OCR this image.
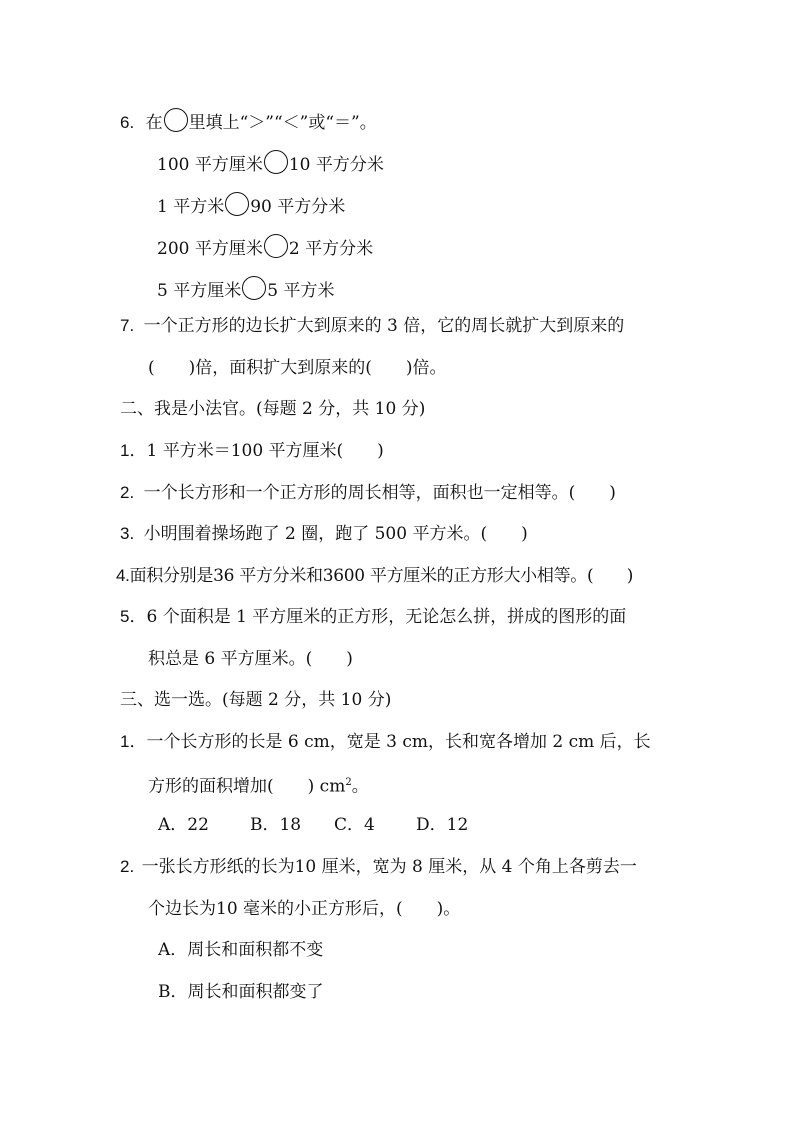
6. 在 里填上“＞”“＜”或“＝”。
100 平方厘米 10 平方分米
1 平方米 90 平方分米
200 平方厘米 2 平方分米
5 平方厘米 5 平方米
7. 一个正方形的边长扩大到原来的 3 倍，它的周长就扩大到原来的
(　　)倍，面积扩大到原来的(　　)倍。
二、我是小法官。(每题 2 分，共 10 分)
1．1 平方米＝100 平方厘米(　　)
2. 一个长方形和一个正方形的周长相等，面积也一定相等。(　　)
3. 小明围着操场跑了 2 圈，跑了 500 平方米。(　　)
4.面积分别是36 平方分米和3600 平方厘米的正方形大小相等。(　　)
5．6 个面积是 1 平方厘米的正方形，无论怎么拼，拼成的图形的面
积总是 6 平方厘米。(　　)
三、选一选。(每题 2 分，共 10 分)
1．一个长方形的长是 6 cm，宽是 3 cm，长和宽各增加 2 cm 后，长
方形的面积增加(　　) $cm^2$。
A．22 B．18 C．4 D．12
2. 一张长方形纸的长为10 厘米，宽为 8 厘米，从 4 个角上各剪去一
个边长为10 毫米的小正方形后，(　　)。
A．周长和面积都不变
B．周长和面积都变了
